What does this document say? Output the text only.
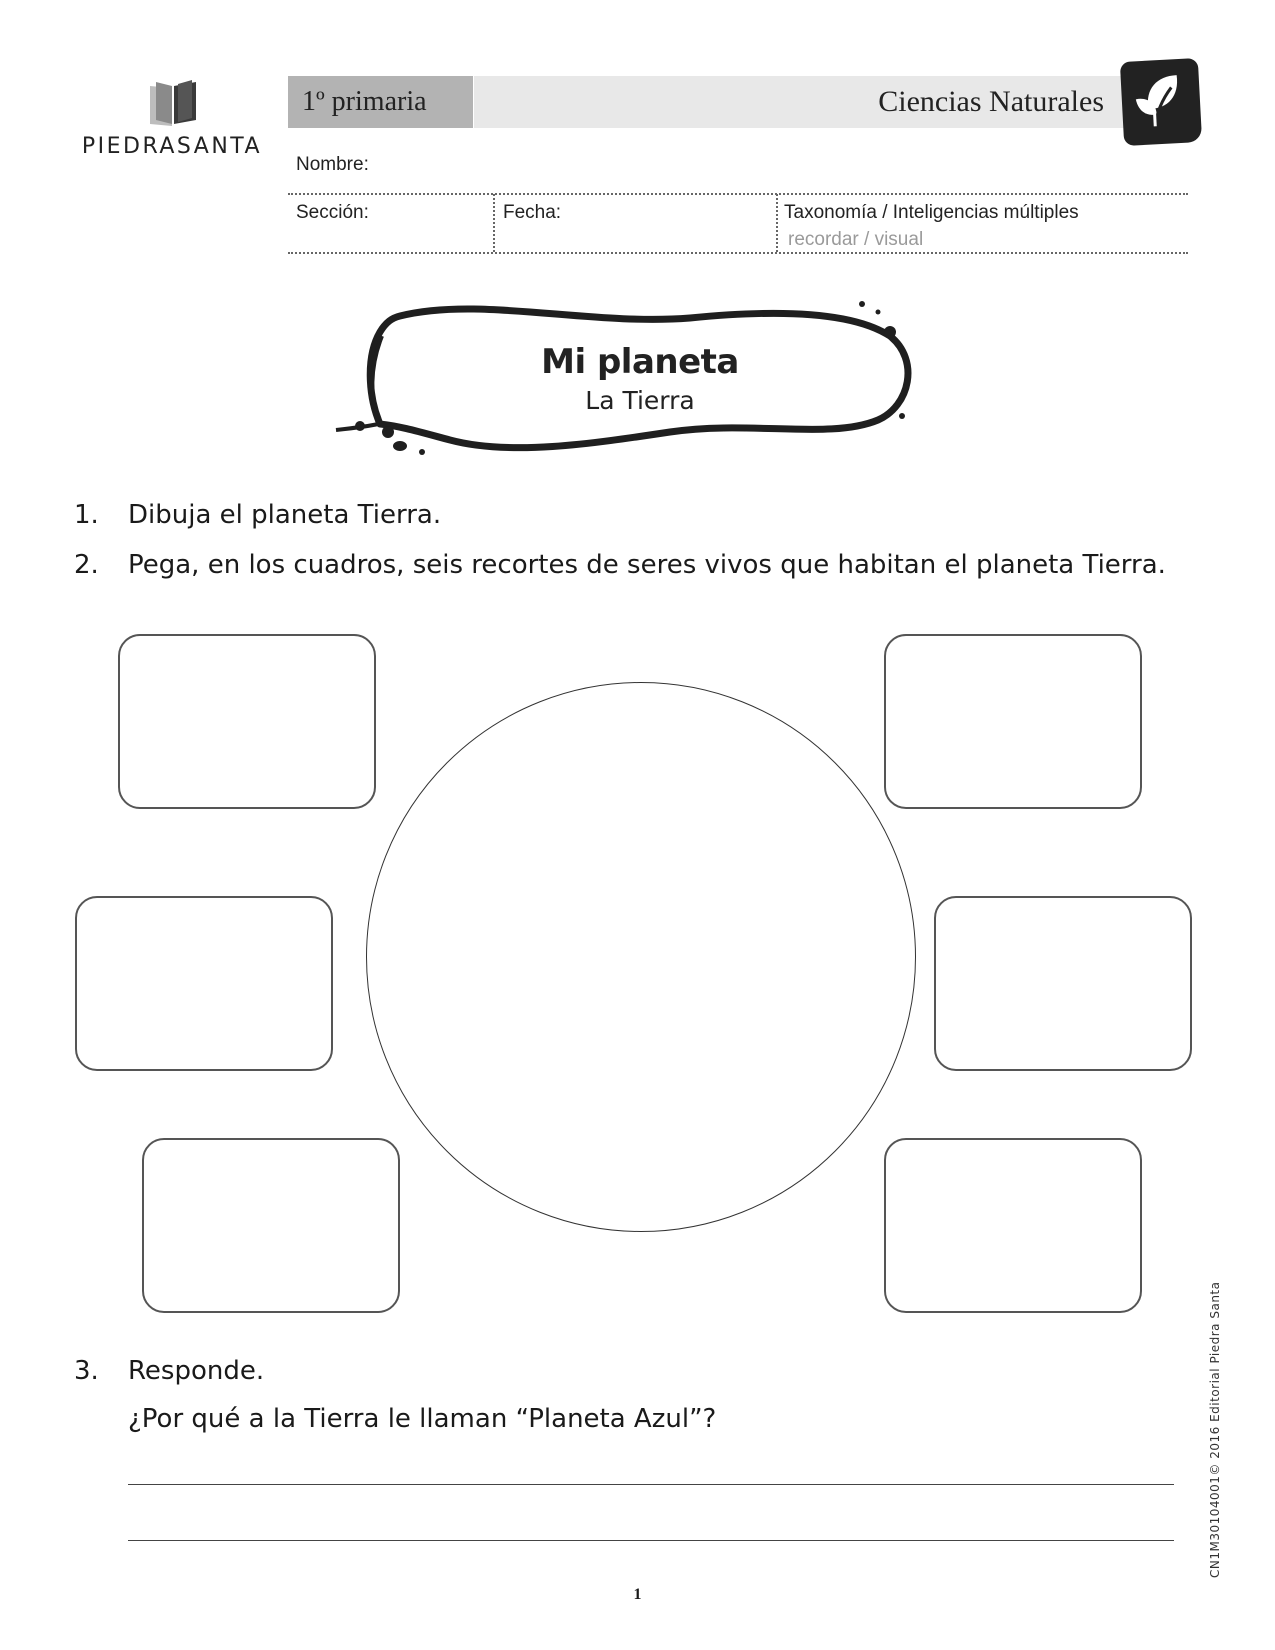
PIEDRASANTA
1º primaria	Ciencias Naturales
Nombre:
Sección:	Fecha:	Taxonomía / Inteligencias múltiples
recordar / visual
Mi planeta
La Tierra
1. Dibuja el planeta Tierra.
2. Pega, en los cuadros, seis recortes de seres vivos que habitan el planeta Tierra.
3. Responde.
¿Por qué a la Tierra le llaman “Planeta Azul”?
1
CN1M30104001© 2016 Editorial Piedra Santa
